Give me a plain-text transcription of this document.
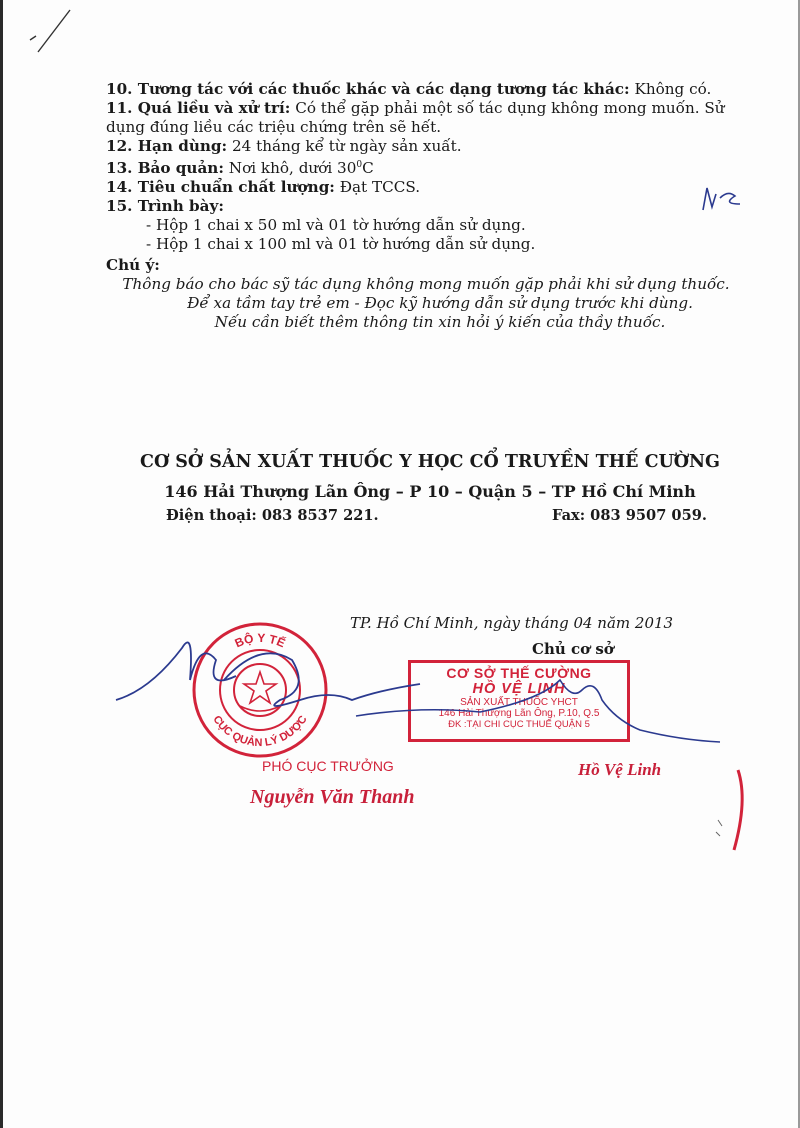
10. Tương tác với các thuốc khác và các dạng tương tác khác: Không có.
11. Quá liều và xử trí: Có thể gặp phải một số tác dụng không mong muốn. Sử dụng đúng liều các triệu chứng trên sẽ hết.
12. Hạn dùng: 24 tháng kể từ ngày sản xuất.
13. Bảo quản: Nơi khô, dưới $30^0C$
14. Tiêu chuẩn chất lượng: Đạt TCCS.
15. Trình bày:
- Hộp 1 chai x 50 ml và 01 tờ hướng dẫn sử dụng.
- Hộp 1 chai x 100 ml và 01 tờ hướng dẫn sử dụng.
Chú ý:
Thông báo cho bác sỹ tác dụng không mong muốn gặp phải khi sử dụng thuốc.
Để xa tầm tay trẻ em - Đọc kỹ hướng dẫn sử dụng trước khi dùng.
Nếu cần biết thêm thông tin xin hỏi ý kiến của thầy thuốc.
CƠ SỞ SẢN XUẤT THUỐC Y HỌC CỔ TRUYỀN THẾ CƯỜNG
146 Hải Thượng Lãn Ông – P 10 – Quận 5 – TP Hồ Chí Minh
Điện thoại: 083 8537 221.	Fax: 083 9507 059.
TP. Hồ Chí Minh, ngày tháng 04 năm 2013
Chủ cơ sở
BỘ Y TẾ
CỤC QUẢN LÝ DƯỢC
CƠ SỞ THẾ CƯỜNG
HỒ VỆ LINH
SẢN XUẤT THUỐC YHCT
146 Hải Thượng Lãn Ông, P.10, Q.5
ĐK :TẠI CHI CỤC THUẾ QUẬN 5
PHÓ CỤC TRƯỞNG
Nguyễn Văn Thanh
Hồ Vệ Linh
